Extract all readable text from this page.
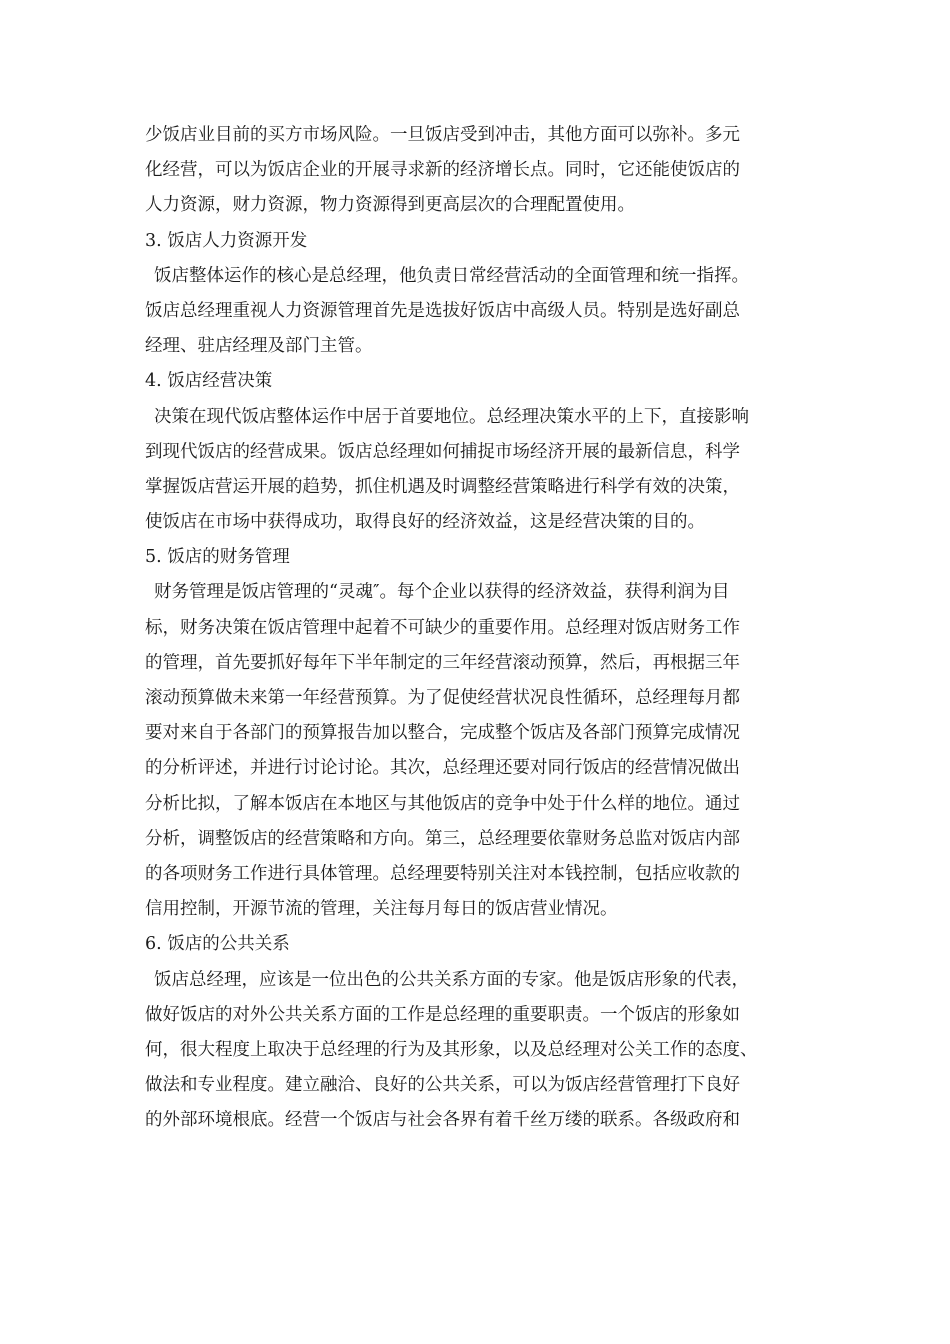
少饭店业目前的买方市场风险。一旦饭店受到冲击，其他方面可以弥补。多元
化经营，可以为饭店企业的开展寻求新的经济增长点。同时，它还能使饭店的
人力资源，财力资源，物力资源得到更高层次的合理配置使用。
3. 饭店人力资源开发
饭店整体运作的核心是总经理，他负责日常经营活动的全面管理和统一指挥。
饭店总经理重视人力资源管理首先是选拔好饭店中高级人员。特别是选好副总
经理、驻店经理及部门主管。
4. 饭店经营决策
决策在现代饭店整体运作中居于首要地位。总经理决策水平的上下，直接影响
到现代饭店的经营成果。饭店总经理如何捕捉市场经济开展的最新信息，科学
掌握饭店营运开展的趋势，抓住机遇及时调整经营策略进行科学有效的决策，
使饭店在市场中获得成功，取得良好的经济效益，这是经营决策的目的。
5. 饭店的财务管理
财务管理是饭店管理的“灵魂″。每个企业以获得的经济效益，获得利润为目
标，财务决策在饭店管理中起着不可缺少的重要作用。总经理对饭店财务工作
的管理，首先要抓好每年下半年制定的三年经营滚动预算，然后，再根据三年
滚动预算做未来第一年经营预算。为了促使经营状况良性循环，总经理每月都
要对来自于各部门的预算报告加以整合，完成整个饭店及各部门预算完成情况
的分析评述，并进行讨论讨论。其次，总经理还要对同行饭店的经营情况做出
分析比拟，了解本饭店在本地区与其他饭店的竞争中处于什么样的地位。通过
分析，调整饭店的经营策略和方向。第三，总经理要依靠财务总监对饭店内部
的各项财务工作进行具体管理。总经理要特别关注对本钱控制，包括应收款的
信用控制，开源节流的管理，关注每月每日的饭店营业情况。
6. 饭店的公共关系
饭店总经理，应该是一位出色的公共关系方面的专家。他是饭店形象的代表，
做好饭店的对外公共关系方面的工作是总经理的重要职责。一个饭店的形象如
何，很大程度上取决于总经理的行为及其形象，以及总经理对公关工作的态度、
做法和专业程度。建立融洽、良好的公共关系，可以为饭店经营管理打下良好
的外部环境根底。经营一个饭店与社会各界有着千丝万缕的联系。各级政府和
